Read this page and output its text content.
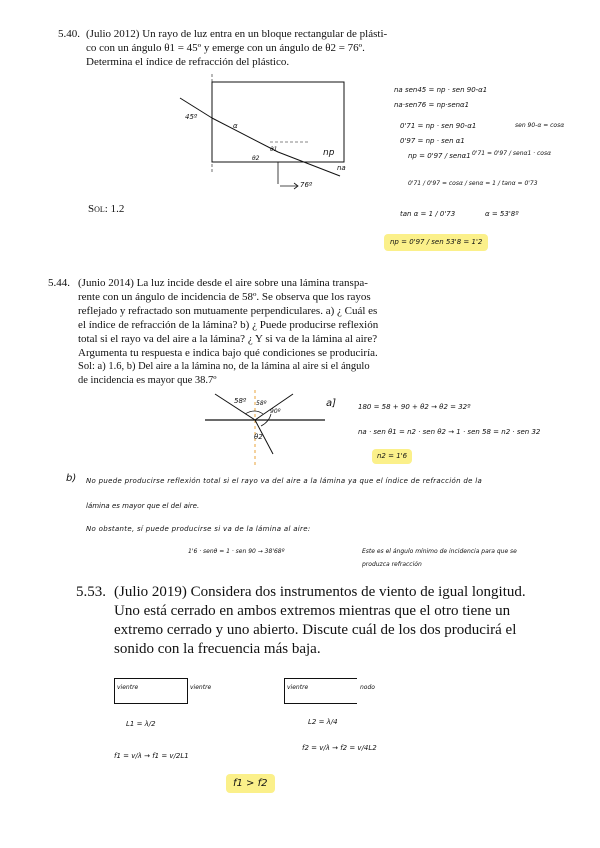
5.40. (Julio 2012) Un rayo de luz entra en un bloque rectangular de plásti-
co con un ángulo θ1 = 45º y emerge con un ángulo de θ2 = 76º.
Determina el índice de refracción del plástico.
45º
α
θ1
θ2
np
na
76º
Sol: 1.2
na sen45 = np · sen 90-α1
na·sen76 = np·senα1
0'71 = np · sen 90-α1	sen 90-α = cosα
0'97 = np · sen α1
np = 0'97 / senα1 0'71 = 0'97 / senα1 · cosα
0'71 / 0'97 = cosα / senα = 1 / tanα = 0'73
tan α = 1 / 0'73	α = 53'8º
np = 0'97 / sen 53'8 = 1'2
5.44. (Junio 2014) La luz incide desde el aire sobre una lámina transpa-
rente con un ángulo de incidencia de 58º. Se observa que los rayos
reflejado y refractado son mutuamente perpendiculares. a) ¿ Cuál es
el índice de refracción de la lámina? b) ¿ Puede producirse reflexión
total si el rayo va del aire a la lámina? ¿ Y si va de la lámina al aire?
Argumenta tu respuesta e indica bajo qué condiciones se produciría.
Sol: a) 1.6, b) Del aire a la lámina no, de la lámina al aire si el ángulo
de incidencia es mayor que 38.7º
58º 58º
90º
θ2
a]	180 = 58 + 90 + θ2 → θ2 = 32º
na · sen θ1 = n2 · sen θ2 → 1 · sen 58 = n2 · sen 32
n2 = 1'6
b) No puede producirse reflexión total si el rayo va del aire a la lámina ya que el índice de refracción de la
lámina es mayor que el del aire.
No obstante, sí puede producirse si va de la lámina al aire:
1'6 · senθ = 1 · sen 90 → 38'68º	Este es el ángulo mínimo de incidencia para que se
produzca refracción
5.53. (Julio 2019) Considera dos instrumentos de viento de igual longitud.
Uno está cerrado en ambos extremos mientras que el otro tiene un
extremo cerrado y uno abierto. Discute cuál de los dos producirá el
sonido con la frecuencia más baja.
vientre	vientre	vientre	nodo
L1 = λ/2
f1 = v/λ → f1 = v/2L1
L2 = λ/4
f2 = v/λ → f2 = v/4L2
f1 > f2
